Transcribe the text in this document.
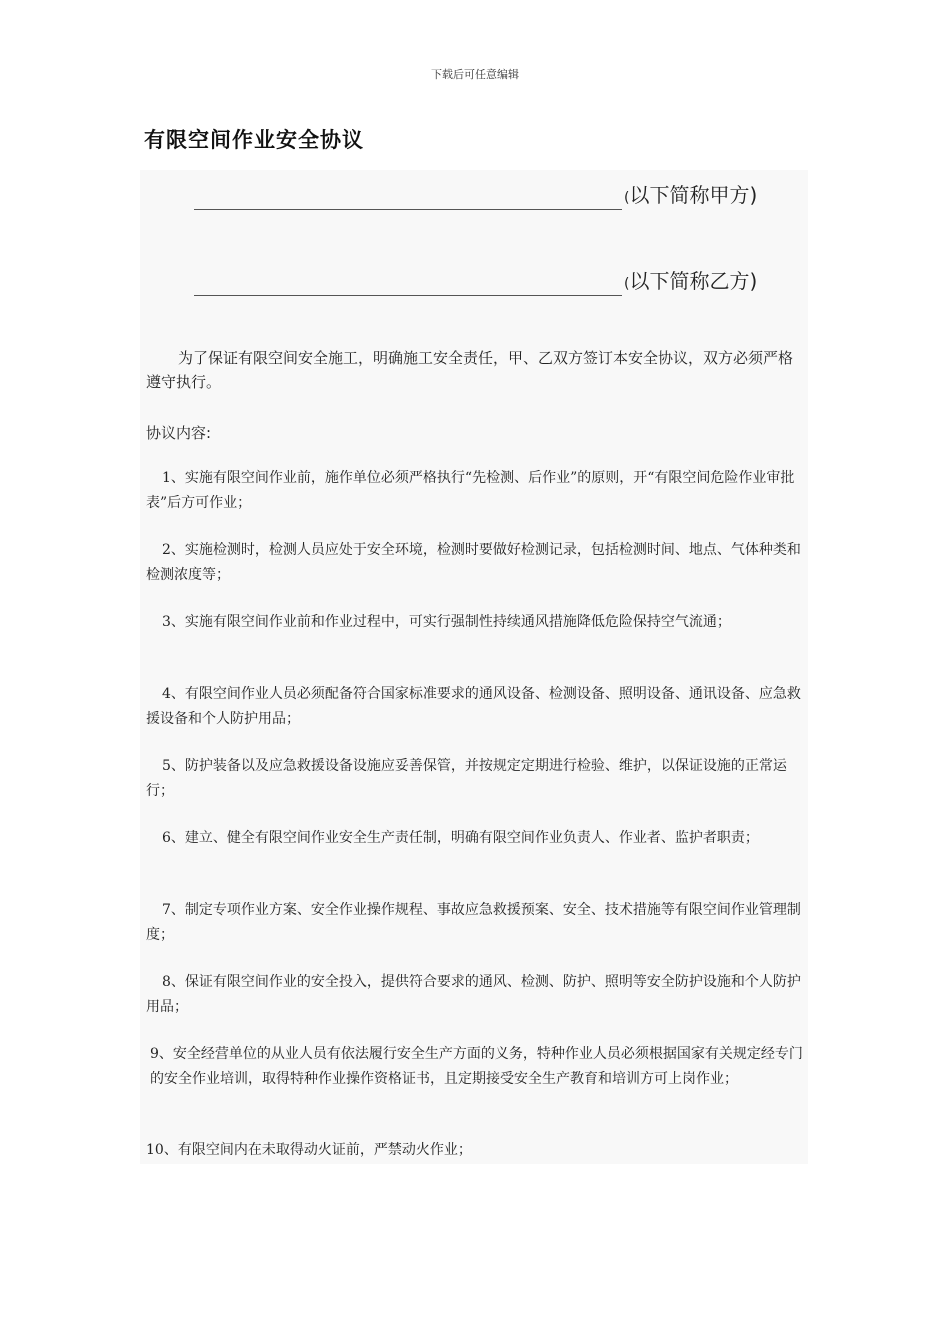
下载后可任意编辑
有限空间作业安全协议
(以下简称甲方)
(以下简称乙方)

为了保证有限空间安全施工，明确施工安全责任，甲、乙双方签订本安全协议，双方必须严格遵守执行。

协议内容:

1、实施有限空间作业前，施作单位必须严格执行“先检测、后作业”的原则，开“有限空间危险作业审批表”后方可作业；

2、实施检测时，检测人员应处于安全环境，检测时要做好检测记录，包括检测时间、地点、气体种类和检测浓度等；

3、实施有限空间作业前和作业过程中，可实行强制性持续通风措施降低危险保持空气流通；

4、有限空间作业人员必须配备符合国家标准要求的通风设备、检测设备、照明设备、通讯设备、应急救援设备和个人防护用品；

5、防护装备以及应急救援设备设施应妥善保管，并按规定定期进行检验、维护，以保证设施的正常运行；

6、建立、健全有限空间作业安全生产责任制，明确有限空间作业负责人、作业者、监护者职责；

7、制定专项作业方案、安全作业操作规程、事故应急救援预案、安全、技术措施等有限空间作业管理制度；

8、保证有限空间作业的安全投入，提供符合要求的通风、检测、防护、照明等安全防护设施和个人防护用品；

9、安全经营单位的从业人员有依法履行安全生产方面的义务，特种作业人员必须根据国家有关规定经专门的安全作业培训，取得特种作业操作资格证书，且定期接受安全生产教育和培训方可上岗作业；

10、有限空间内在未取得动火证前，严禁动火作业；
